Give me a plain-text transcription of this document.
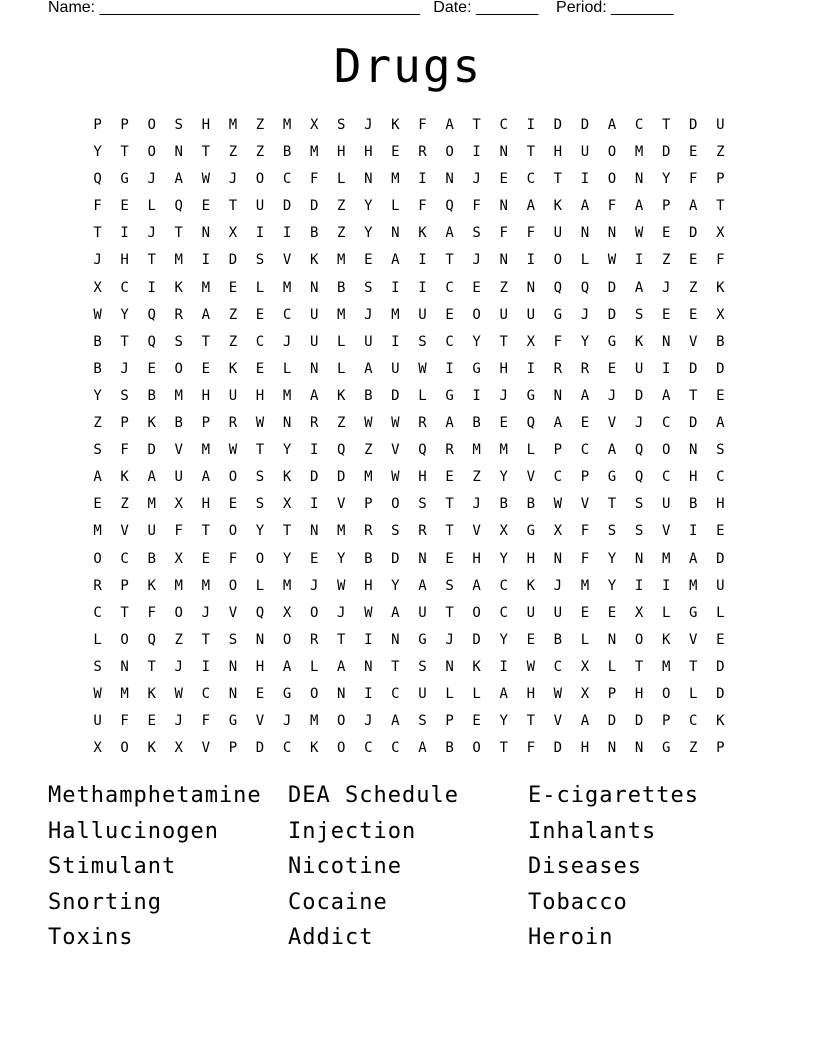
Name: ____________________________________ Date: _______ Period: _______
Drugs
P	P	O	S	H	M	Z	M	X	S	J	K	F	A	T	C	I	D	D	A	C	T	D	U
Y	T	O	N	T	Z	Z	B	M	H	H	E	R	O	I	N	T	H	U	O	M	D	E	Z
Q	G	J	A	W	J	O	C	F	L	N	M	I	N	J	E	C	T	I	O	N	Y	F	P
F	E	L	Q	E	T	U	D	D	Z	Y	L	F	Q	F	N	A	K	A	F	A	P	A	T
T	I	J	T	N	X	I	I	B	Z	Y	N	K	A	S	F	F	U	N	N	W	E	D	X
J	H	T	M	I	D	S	V	K	M	E	A	I	T	J	N	I	O	L	W	I	Z	E	F
X	C	I	K	M	E	L	M	N	B	S	I	I	C	E	Z	N	Q	Q	D	A	J	Z	K
W	Y	Q	R	A	Z	E	C	U	M	J	M	U	E	O	U	U	G	J	D	S	E	E	X
B	T	Q	S	T	Z	C	J	U	L	U	I	S	C	Y	T	X	F	Y	G	K	N	V	B
B	J	E	O	E	K	E	L	N	L	A	U	W	I	G	H	I	R	R	E	U	I	D	D
Y	S	B	M	H	U	H	M	A	K	B	D	L	G	I	J	G	N	A	J	D	A	T	E
Z	P	K	B	P	R	W	N	R	Z	W	W	R	A	B	E	Q	A	E	V	J	C	D	A
S	F	D	V	M	W	T	Y	I	Q	Z	V	Q	R	M	M	L	P	C	A	Q	O	N	S
A	K	A	U	A	O	S	K	D	D	M	W	H	E	Z	Y	V	C	P	G	Q	C	H	C
E	Z	M	X	H	E	S	X	I	V	P	O	S	T	J	B	B	W	V	T	S	U	B	H
M	V	U	F	T	O	Y	T	N	M	R	S	R	T	V	X	G	X	F	S	S	V	I	E
O	C	B	X	E	F	O	Y	E	Y	B	D	N	E	H	Y	H	N	F	Y	N	M	A	D
R	P	K	M	M	O	L	M	J	W	H	Y	A	S	A	C	K	J	M	Y	I	I	M	U
C	T	F	O	J	V	Q	X	O	J	W	A	U	T	O	C	U	U	E	E	X	L	G	L
L	O	Q	Z	T	S	N	O	R	T	I	N	G	J	D	Y	E	B	L	N	O	K	V	E
S	N	T	J	I	N	H	A	L	A	N	T	S	N	K	I	W	C	X	L	T	M	T	D
W	M	K	W	C	N	E	G	O	N	I	C	U	L	L	A	H	W	X	P	H	O	L	D
U	F	E	J	F	G	V	J	M	O	J	A	S	P	E	Y	T	V	A	D	D	P	C	K
X	O	K	X	V	P	D	C	K	O	C	C	A	B	O	T	F	D	H	N	N	G	Z	P
Methamphetamine	DEA Schedule	E-cigarettes
Hallucinogen	Injection	Inhalants
Stimulant	Nicotine	Diseases
Snorting	Cocaine	Tobacco
Toxins	Addict	Heroin
